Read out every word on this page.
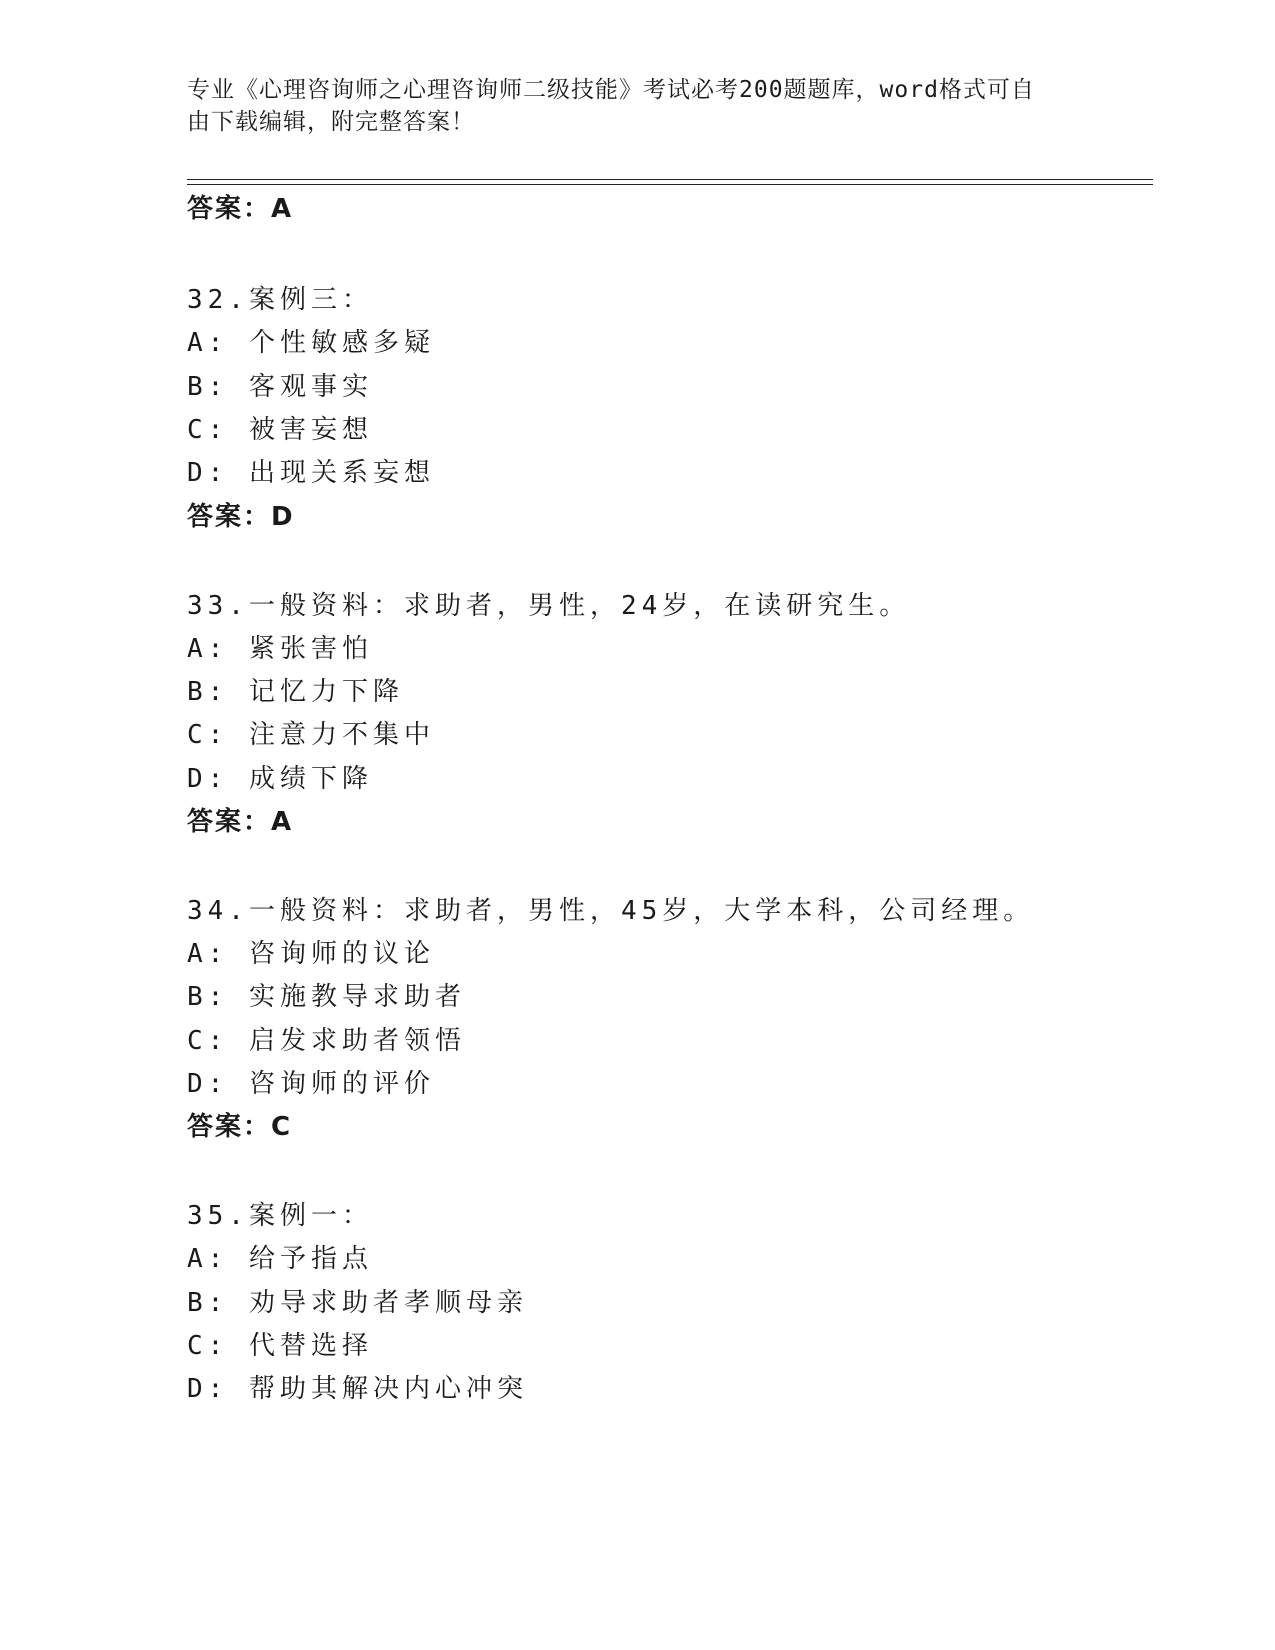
专业《心理咨询师之心理咨询师二级技能》考试必考200题题库，word格式可自
由下载编辑，附完整答案！
答案：A
32.案例三：
A: 个性敏感多疑
B: 客观事实
C: 被害妄想
D: 出现关系妄想
答案：D
33.一般资料：求助者，男性，24岁，在读研究生。
A: 紧张害怕
B: 记忆力下降
C: 注意力不集中
D: 成绩下降
答案：A
34.一般资料：求助者，男性，45岁，大学本科，公司经理。
A: 咨询师的议论
B: 实施教导求助者
C: 启发求助者领悟
D: 咨询师的评价
答案：C
35.案例一：
A: 给予指点
B: 劝导求助者孝顺母亲
C: 代替选择
D: 帮助其解决内心冲突
